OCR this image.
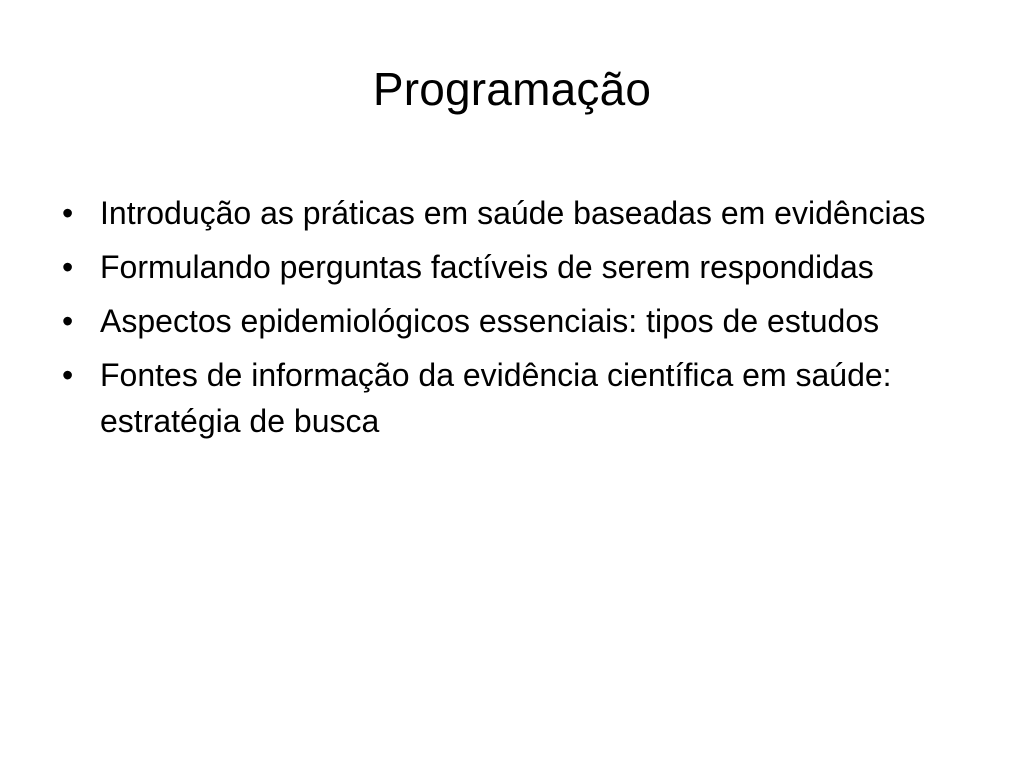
Programação
• Introdução as práticas em saúde baseadas em evidências
• Formulando perguntas factíveis de serem respondidas
• Aspectos epidemiológicos essenciais: tipos de estudos
• Fontes de informação da evidência científica em saúde: estratégia de busca
